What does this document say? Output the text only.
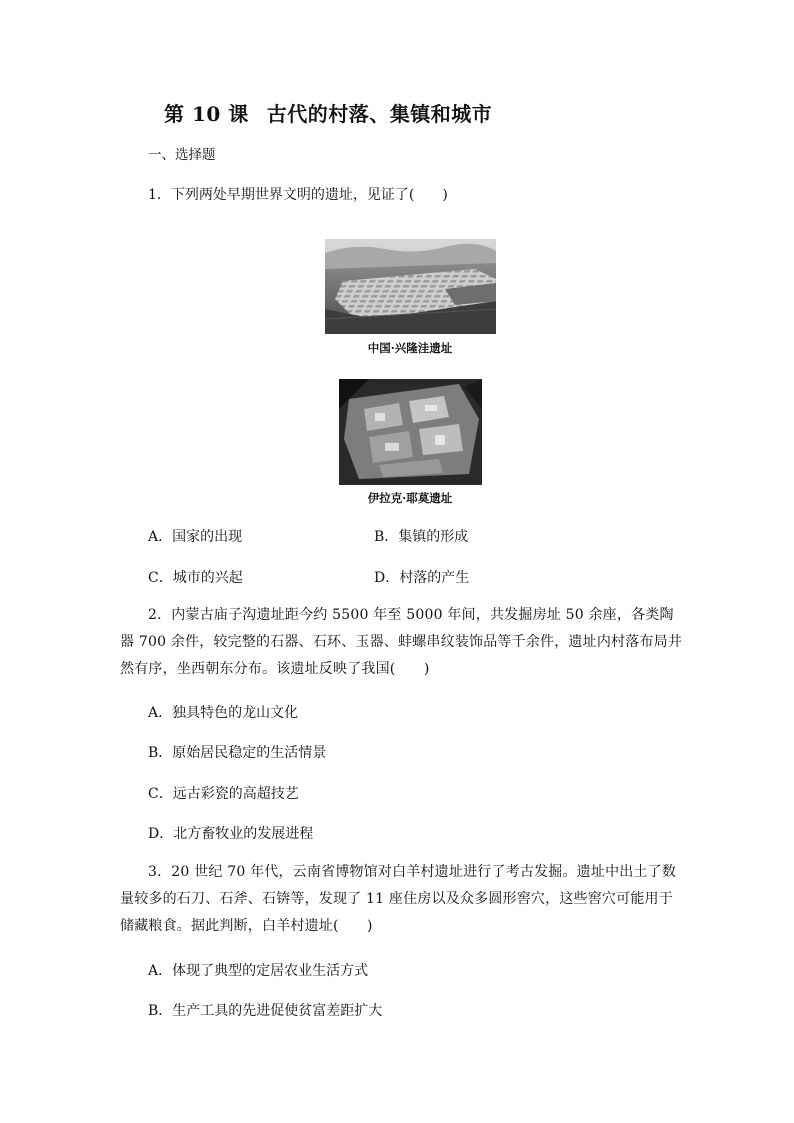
第 10 课 古代的村落、集镇和城市
一、选择题
1．下列两处早期世界文明的遗址，见证了(　　)
中国·兴隆洼遗址
伊拉克·耶莫遗址
A．国家的出现	B．集镇的形成
C．城市的兴起	D．村落的产生
2．内蒙古庙子沟遗址距今约 5500 年至 5000 年间，共发掘房址 50 余座，各类陶器 700 余件，较完整的石器、石环、玉器、蚌螺串纹装饰品等千余件，遗址内村落布局井然有序，坐西朝东分布。该遗址反映了我国(　　)
A．独具特色的龙山文化
B．原始居民稳定的生活情景
C．远古彩瓷的高超技艺
D．北方畜牧业的发展进程
3．20 世纪 70 年代，云南省博物馆对白羊村遗址进行了考古发掘。遗址中出土了数量较多的石刀、石斧、石锛等，发现了 11 座住房以及众多圆形窖穴，这些窖穴可能用于储藏粮食。据此判断，白羊村遗址(　　)
A．体现了典型的定居农业生活方式
B．生产工具的先进促使贫富差距扩大
